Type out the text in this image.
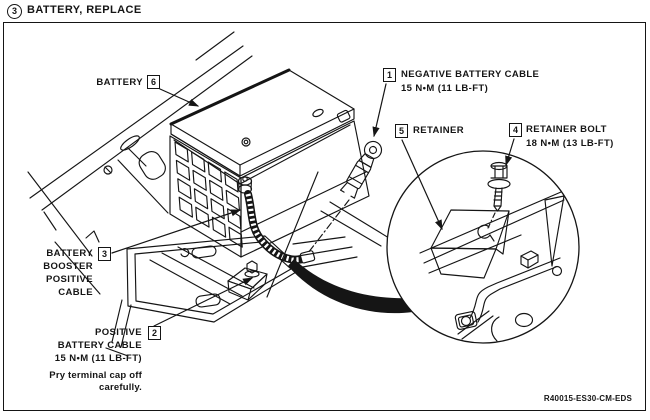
3 BATTERY, REPLACE
BATTERY 6
1 NEGATIVE BATTERY CABLE
15 N•M (11 LB-FT)
5 RETAINER	4 RETAINER BOLT
18 N•M (13 LB-FT)
BATTERY 3
BOOSTER
POSITIVE
CABLE
POSITIVE	2
BATTERY CABLE
15 N•M (11 LB-FT)
Pry terminal cap off
carefully.
R40015-ES30-CM-EDS
